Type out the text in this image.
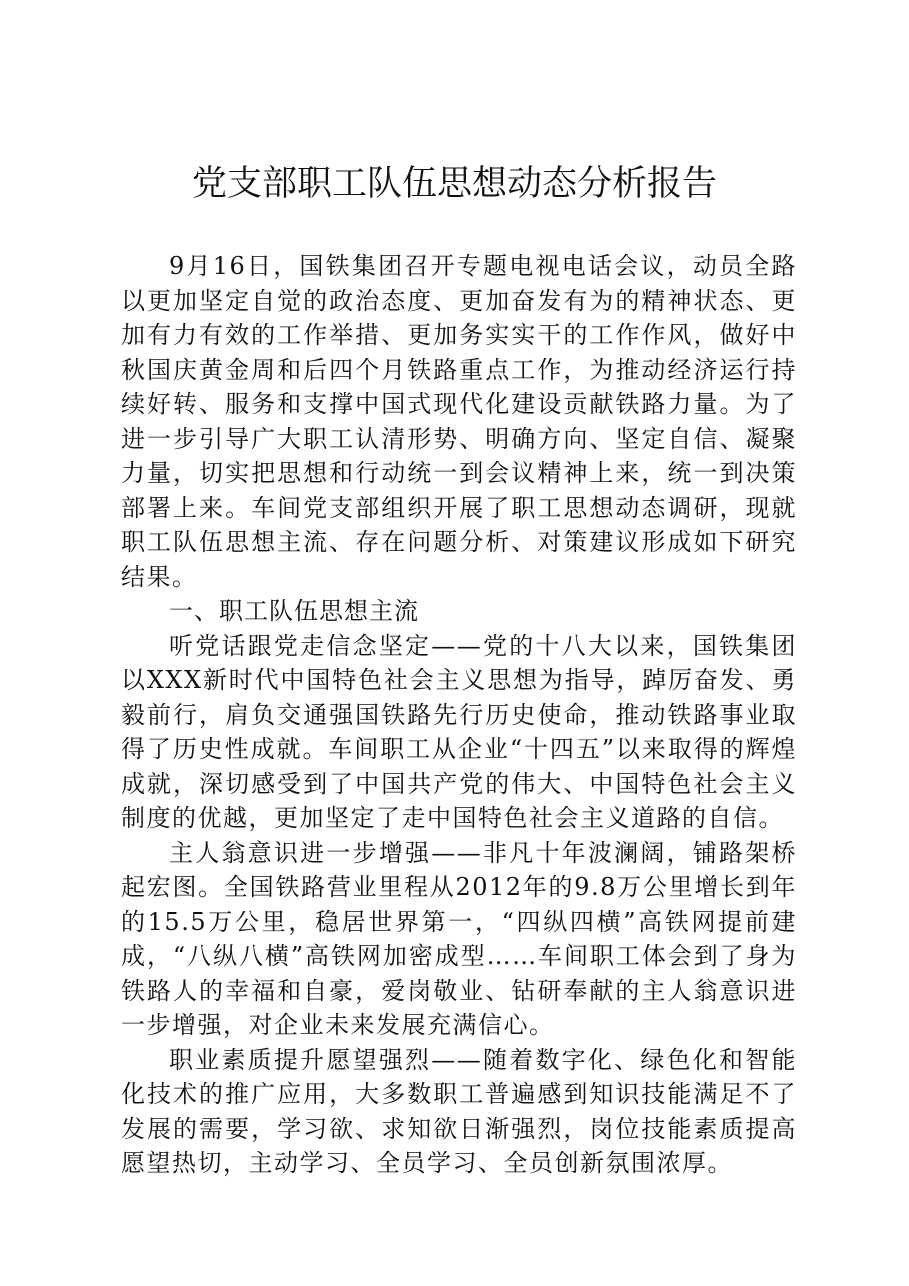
党支部职工队伍思想动态分析报告

9月16日，国铁集团召开专题电视电话会议，动员全路以更加坚定自觉的政治态度、更加奋发有为的精神状态、更加有力有效的工作举措、更加务实实干的工作作风，做好中秋国庆黄金周和后四个月铁路重点工作，为推动经济运行持续好转、服务和支撑中国式现代化建设贡献铁路力量。为了进一步引导广大职工认清形势、明确方向、坚定自信、凝聚力量，切实把思想和行动统一到会议精神上来，统一到决策部署上来。车间党支部组织开展了职工思想动态调研，现就职工队伍思想主流、存在问题分析、对策建议形成如下研究结果。

一、职工队伍思想主流

听党话跟党走信念坚定——党的十八大以来，国铁集团以XXX新时代中国特色社会主义思想为指导，踔厉奋发、勇毅前行，肩负交通强国铁路先行历史使命，推动铁路事业取得了历史性成就。车间职工从企业“十四五”以来取得的辉煌成就，深切感受到了中国共产党的伟大、中国特色社会主义制度的优越，更加坚定了走中国特色社会主义道路的自信。

主人翁意识进一步增强——非凡十年波澜阔，铺路架桥起宏图。全国铁路营业里程从2012年的9.8万公里增长到年的15.5万公里，稳居世界第一，“四纵四横”高铁网提前建成，“八纵八横”高铁网加密成型……车间职工体会到了身为铁路人的幸福和自豪，爱岗敬业、钻研奉献的主人翁意识进一步增强，对企业未来发展充满信心。

职业素质提升愿望强烈——随着数字化、绿色化和智能化技术的推广应用，大多数职工普遍感到知识技能满足不了发展的需要，学习欲、求知欲日渐强烈，岗位技能素质提高愿望热切，主动学习、全员学习、全员创新氛围浓厚。
